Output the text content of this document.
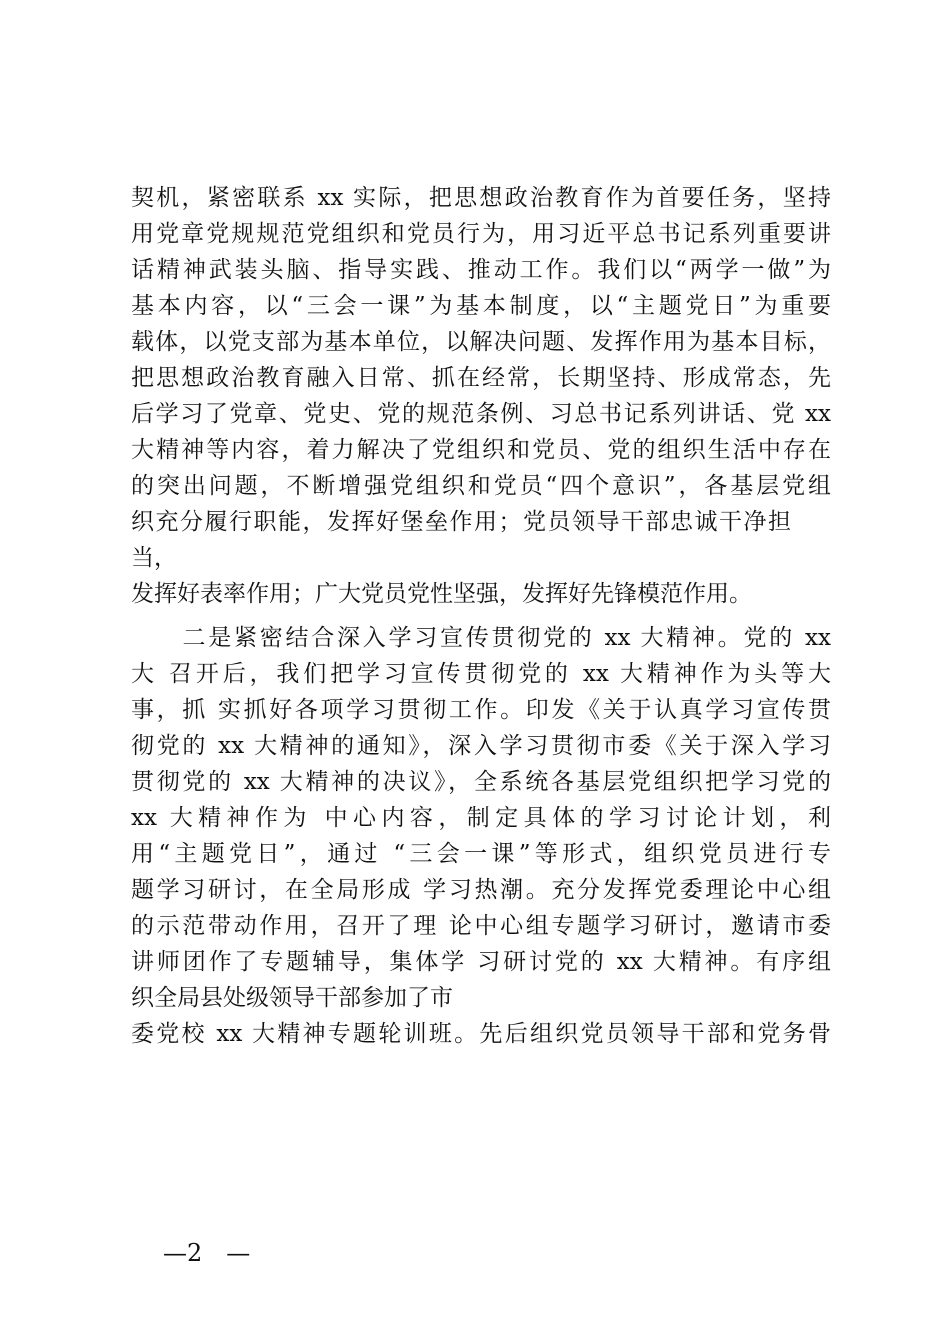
契机，紧密联系 xx 实际，把思想政治教育作为首要任务，坚持
用党章党规规范党组织和党员行为，用习近平总书记系列重要讲
话精神武装头脑、指导实践、推动工作。我们以“两学一做”为
基本内容，以“三会一课”为基本制度，以“主题党日”为重要
载体，以党支部为基本单位，以解决问题、发挥作用为基本目标，
把思想政治教育融入日常、抓在经常，长期坚持、形成常态，先
后学习了党章、党史、党的规范条例、习总书记系列讲话、党 xx
大精神等内容，着力解决了党组织和党员、党的组织生活中存在
的突出问题，不断增强党组织和党员“四个意识”，各基层党组
织充分履行职能，发挥好堡垒作用；党员领导干部忠诚干净担
当，
发挥好表率作用；广大党员党性坚强，发挥好先锋模范作用。
　　二是紧密结合深入学习宣传贯彻党的 xx 大精神。党的 xx
大 召开后，我们把学习宣传贯彻党的 xx 大精神作为头等大
事，抓 实抓好各项学习贯彻工作。印发《关于认真学习宣传贯
彻党的 xx 大精神的通知》，深入学习贯彻市委《关于深入学习
贯彻党的 xx 大精神的决议》，全系统各基层党组织把学习党的
xx 大精神作为 中心内容，制定具体的学习讨论计划，利
用“主题党日”，通过 “三会一课”等形式，组织党员进行专
题学习研讨，在全局形成 学习热潮。充分发挥党委理论中心组
的示范带动作用，召开了理 论中心组专题学习研讨，邀请市委
讲师团作了专题辅导，集体学 习研讨党的 xx 大精神。有序组
织全局县处级领导干部参加了市
委党校 xx 大精神专题轮训班。先后组织党员领导干部和党务骨
—2　—
